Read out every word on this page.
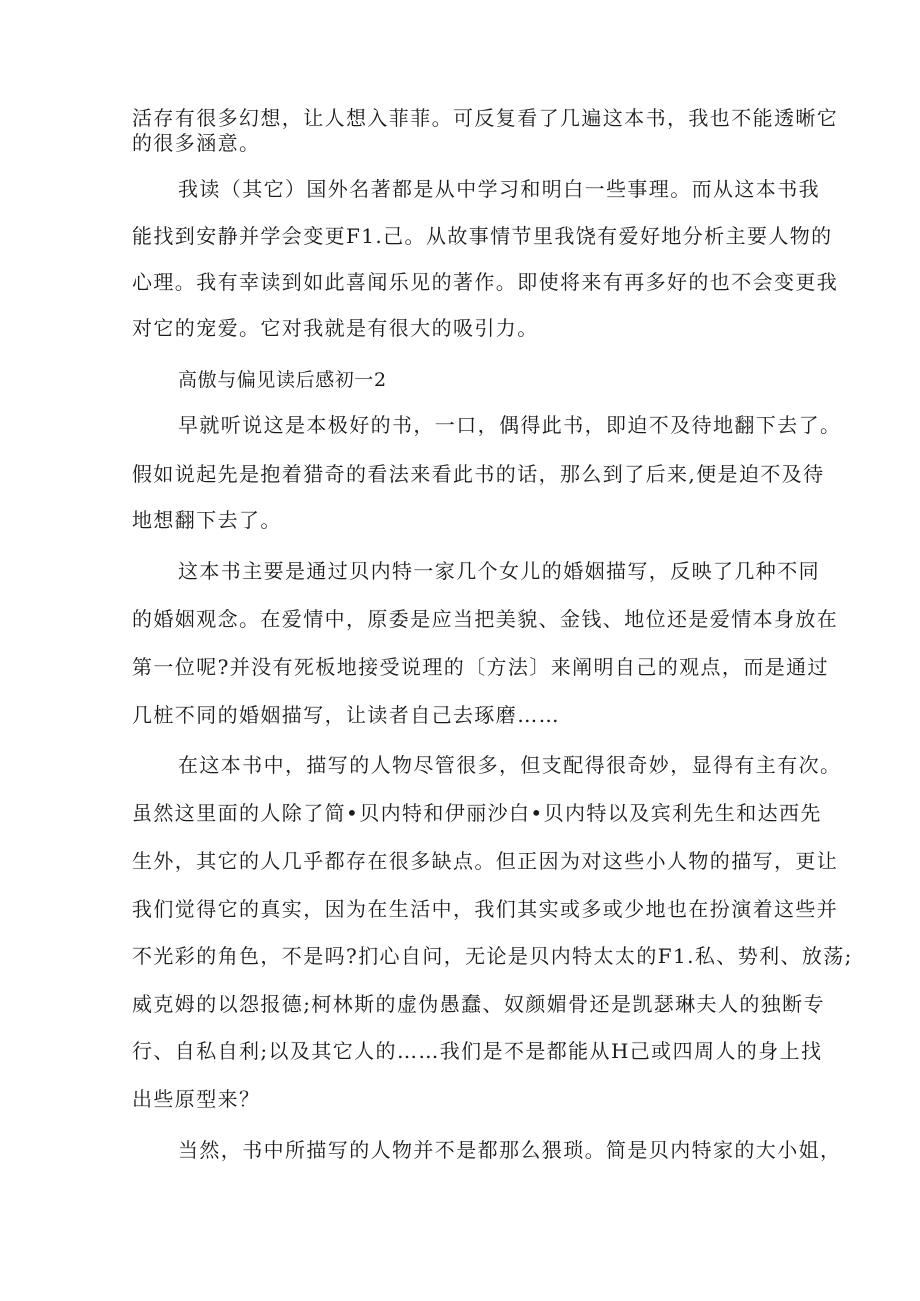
活存有很多幻想，让人想入菲菲。可反复看了几遍这本书，我也不能透晰它
的很多涵意。
我读（其它）国外名著都是从中学习和明白一些事理。而从这本书我
能找到安静并学会变更F1.己。从故事情节里我饶有爱好地分析主要人物的
心理。我有幸读到如此喜闻乐见的著作。即使将来有再多好的也不会变更我
对它的宠爱。它对我就是有很大的吸引力。
高傲与偏见读后感初一2
早就听说这是本极好的书，一口，偶得此书，即迫不及待地翻下去了。
假如说起先是抱着猎奇的看法来看此书的话，那么到了后来,便是迫不及待
地想翻下去了。
这本书主要是通过贝内特一家几个女儿的婚姻描写，反映了几种不同
的婚姻观念。在爱情中，原委是应当把美貌、金钱、地位还是爱情本身放在
第一位呢?并没有死板地接受说理的〔方法〕来阐明自己的观点，而是通过
几桩不同的婚姻描写，让读者自己去琢磨……
在这本书中，描写的人物尽管很多，但支配得很奇妙，显得有主有次。
虽然这里面的人除了简•贝内特和伊丽沙白•贝内特以及宾利先生和达西先
生外，其它的人几乎都存在很多缺点。但正因为对这些小人物的描写，更让
我们觉得它的真实，因为在生活中，我们其实或多或少地也在扮演着这些并
不光彩的角色，不是吗?扪心自问，无论是贝内特太太的F1.私、势利、放荡;
威克姆的以怨报德;柯林斯的虚伪愚蠢、奴颜媚骨还是凯瑟琳夫人的独断专
行、自私自利;以及其它人的……我们是不是都能从H己或四周人的身上找
出些原型来？
当然，书中所描写的人物并不是都那么猥琐。简是贝内特家的大小姐，
